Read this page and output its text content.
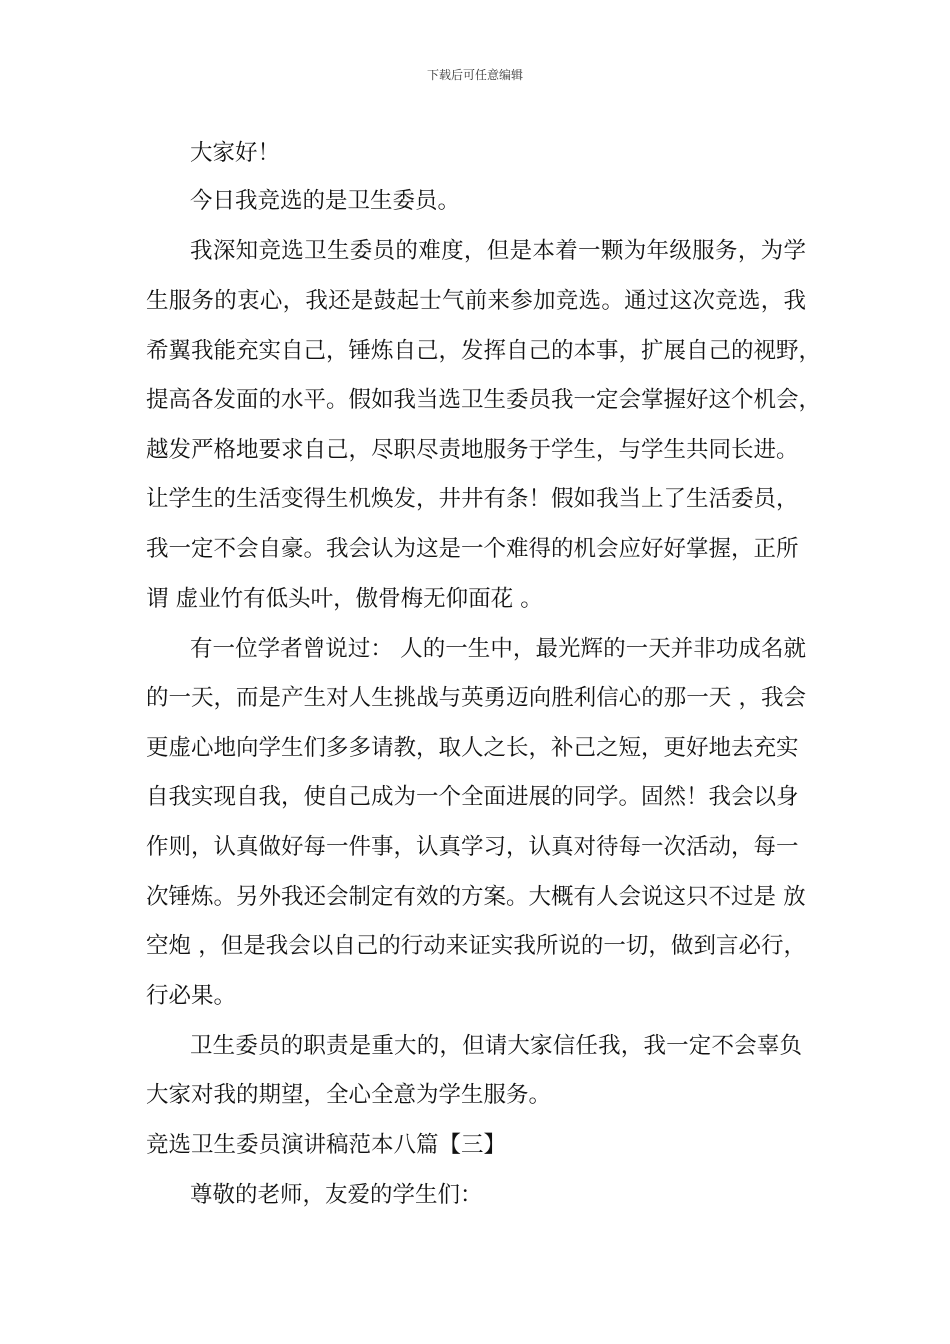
下载后可任意编辑
大家好！
今日我竞选的是卫生委员。
我深知竞选卫生委员的难度，但是本着一颗为年级服务，为学
生服务的衷心，我还是鼓起士气前来参加竞选。通过这次竞选，我
希翼我能充实自己，锤炼自己，发挥自己的本事，扩展自己的视野，
提高各发面的水平。假如我当选卫生委员我一定会掌握好这个机会，
越发严格地要求自己，尽职尽责地服务于学生，与学生共同长进。
让学生的生活变得生机焕发，井井有条！假如我当上了生活委员，
我一定不会自豪。我会认为这是一个难得的机会应好好掌握，正所
谓 虚业竹有低头叶，傲骨梅无仰面花 。
有一位学者曾说过： 人的一生中，最光辉的一天并非功成名就
的一天，而是产生对人生挑战与英勇迈向胜利信心的那一天 ，我会
更虚心地向学生们多多请教，取人之长，补己之短，更好地去充实
自我实现自我，使自己成为一个全面进展的同学。固然！我会以身
作则，认真做好每一件事，认真学习，认真对待每一次活动，每一
次锤炼。另外我还会制定有效的方案。大概有人会说这只不过是 放
空炮 ，但是我会以自己的行动来证实我所说的一切，做到言必行，
行必果。
卫生委员的职责是重大的，但请大家信任我，我一定不会辜负
大家对我的期望，全心全意为学生服务。
竞选卫生委员演讲稿范本八篇【三】
尊敬的老师，友爱的学生们：
